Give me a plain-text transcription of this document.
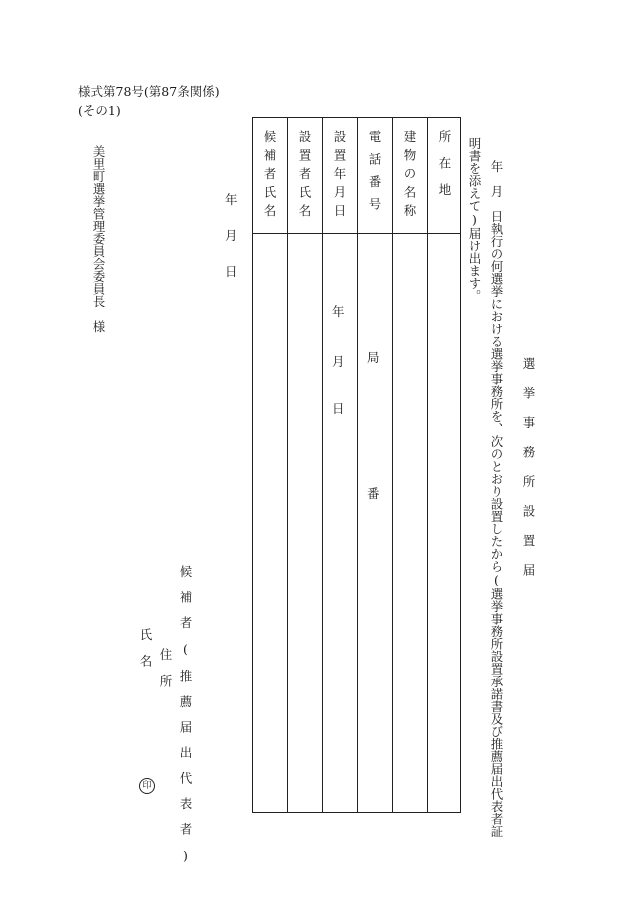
様式第78号(第87条関係)
(その1)
選挙事務所設置届
年　月　日執行の何選挙における選挙事務所を、次のとおり設置したから(選挙事務所設置承諾書及び推薦届出代表者証
明書を添えて)届け出ます。
所在地
建物の名称
電話番号
設置年月日
設置者氏名
候補者氏名
局
番
年
月
日
年
月
日
候補者(推薦届出代表者)
住所
氏名
印
美里町選挙管理委員会委員長　様
